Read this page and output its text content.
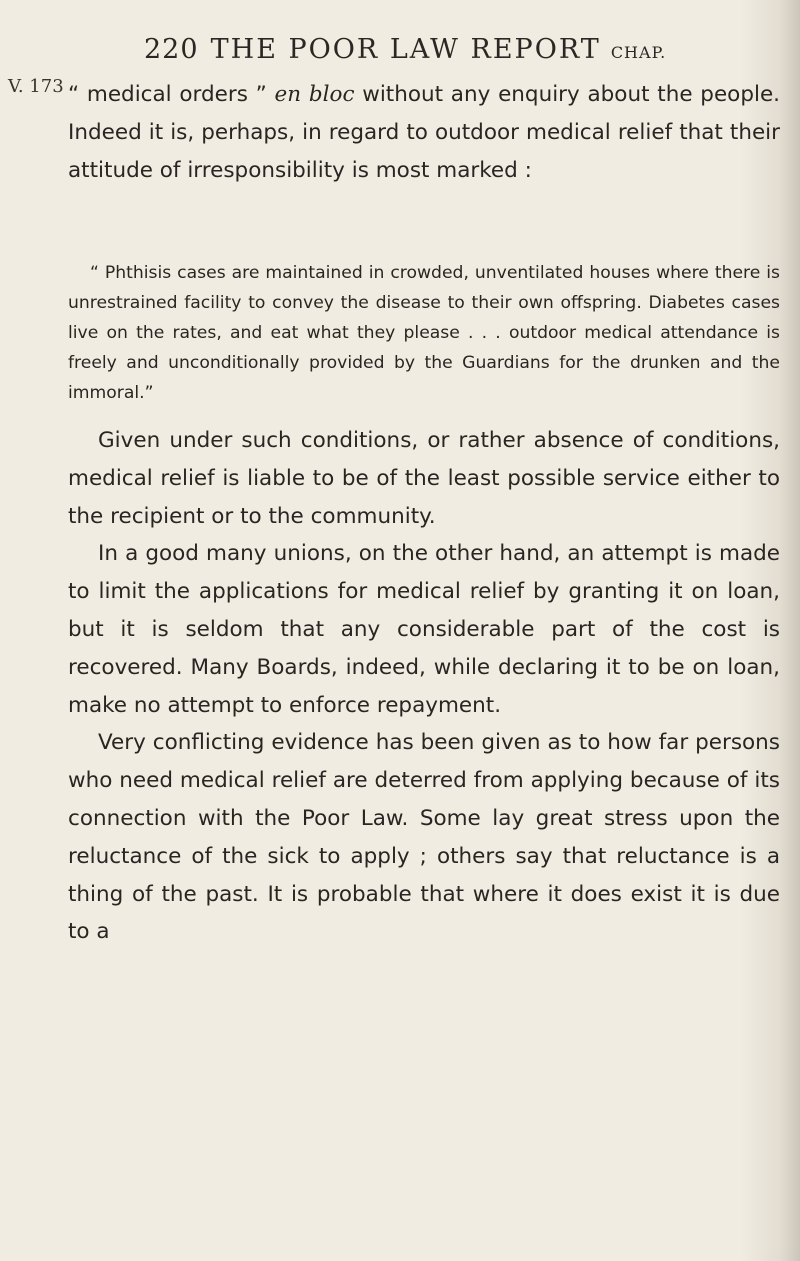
220 THE POOR LAW REPORT CHAP.
V. 173 “ medical orders ” en bloc without any enquiry about the people. Indeed it is, perhaps, in regard to outdoor medical relief that their attitude of irresponsibility is most marked :

“ Phthisis cases are maintained in crowded, unventilated houses where there is unrestrained facility to convey the disease to their own offspring. Diabetes cases live on the rates, and eat what they please . . . outdoor medical attendance is freely and unconditionally provided by the Guardians for the drunken and the immoral.”

Given under such conditions, or rather absence of conditions, medical relief is liable to be of the least possible service either to the recipient or to the community.

In a good many unions, on the other hand, an attempt is made to limit the applications for medical relief by granting it on loan, but it is seldom that any considerable part of the cost is recovered. Many Boards, indeed, while declaring it to be on loan, make no attempt to enforce repayment.

Very conflicting evidence has been given as to how far persons who need medical relief are deterred from applying because of its connection with the Poor Law. Some lay great stress upon the reluctance of the sick to apply ; others say that reluctance is a thing of the past. It is probable that where it does exist it is due to a
